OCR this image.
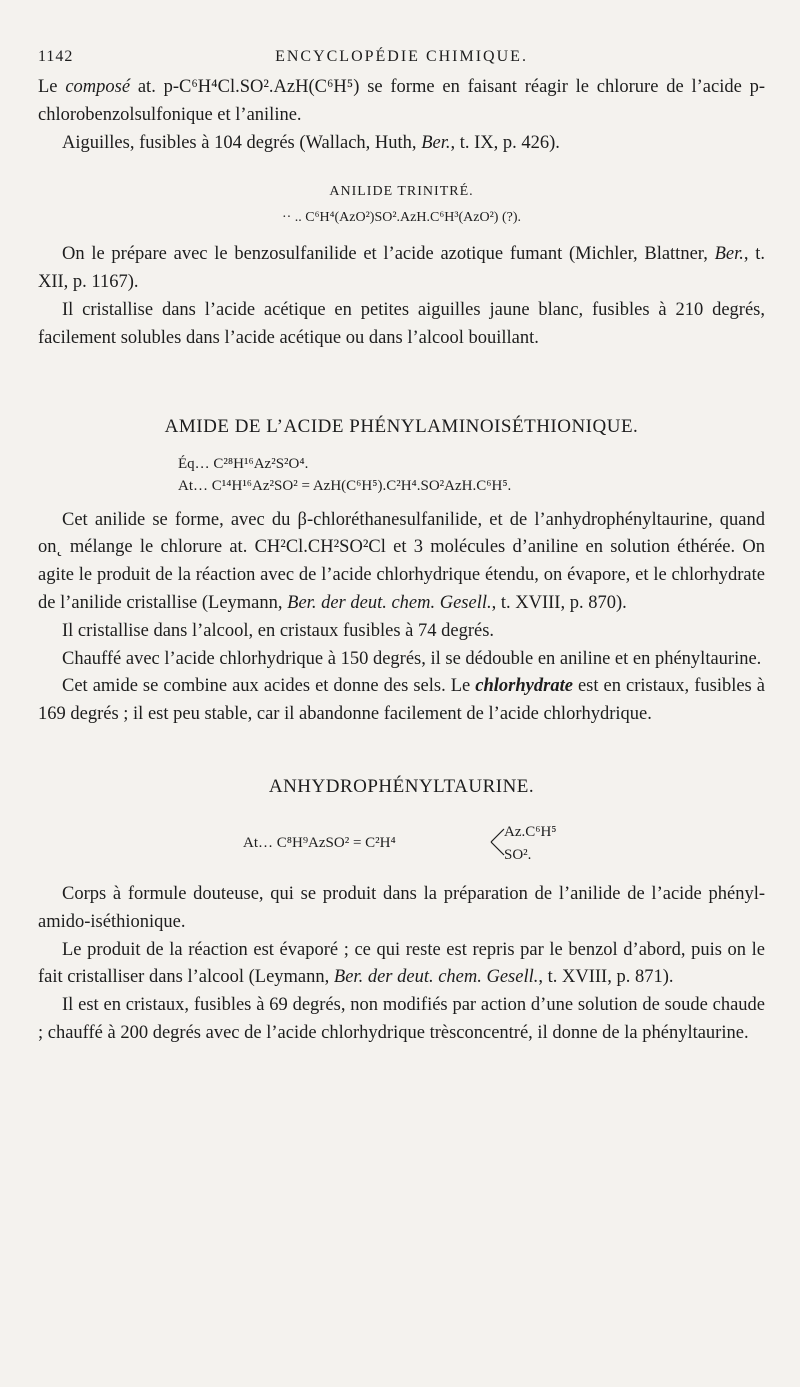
1142	ENCYCLOPÉDIE CHIMIQUE.

Le composé at. p-C⁶H⁴Cl.SO².AzH(C⁶H⁵) se forme en faisant réagir le chlorure de l’acide p-chlorobenzolsulfonique et l’aniline.

Aiguilles, fusibles à 104 degrés (Wallach, Huth, Ber., t. IX, p. 426).

ANILIDE TRINITRÉ.
·· .. C⁶H⁴(AzO²)SO².AzH.C⁶H³(AzO²) (?).

On le prépare avec le benzosulfanilide et l’acide azotique fumant (Michler, Blattner, Ber., t. XII, p. 1167).

Il cristallise dans l’acide acétique en petites aiguilles jaune blanc, fusibles à 210 degrés, facilement solubles dans l’acide acétique ou dans l’alcool bouillant.

AMIDE DE L’ACIDE PHÉNYLAMINOISÉTHIONIQUE.
Éq… C²⁸H¹⁶Az²S²O⁴.
At… C¹⁴H¹⁶Az²SO² = AzH(C⁶H⁵).C²H⁴.SO²AzH.C⁶H⁵.

Cet anilide se forme, avec du β-chloréthanesulfanilide, et de l’anhydrophényltaurine, quand on˛ mélange le chlorure at. CH²Cl.CH²SO²Cl et 3 molécules d’aniline en solution éthérée. On agite le produit de la réaction avec de l’acide chlorhydrique étendu, on évapore, et le chlorhydrate de l’anilide cristallise (Leymann, Ber. der deut. chem. Gesell., t. XVIII, p. 870).

Il cristallise dans l’alcool, en cristaux fusibles à 74 degrés.

Chauffé avec l’acide chlorhydrique à 150 degrés, il se dédouble en aniline et en phényltaurine.

Cet amide se combine aux acides et donne des sels. Le chlorhydrate est en cristaux, fusibles à 169 degrés ; il est peu stable, car il abandonne facilement de l’acide chlorhydrique.

ANHYDROPHÉNYLTAURINE.
At… C⁸H⁹AzSO² = C²H⁴
Az.C⁶H⁵
SO².

Corps à formule douteuse, qui se produit dans la préparation de l’anilide de l’acide phényl-amido-iséthionique.

Le produit de la réaction est évaporé ; ce qui reste est repris par le benzol d’abord, puis on le fait cristalliser dans l’alcool (Leymann, Ber. der deut. chem. Gesell., t. XVIII, p. 871).

Il est en cristaux, fusibles à 69 degrés, non modifiés par action d’une solution de soude chaude ; chauffé à 200 degrés avec de l’acide chlorhydrique trèsconcentré, il donne de la phényltaurine.
